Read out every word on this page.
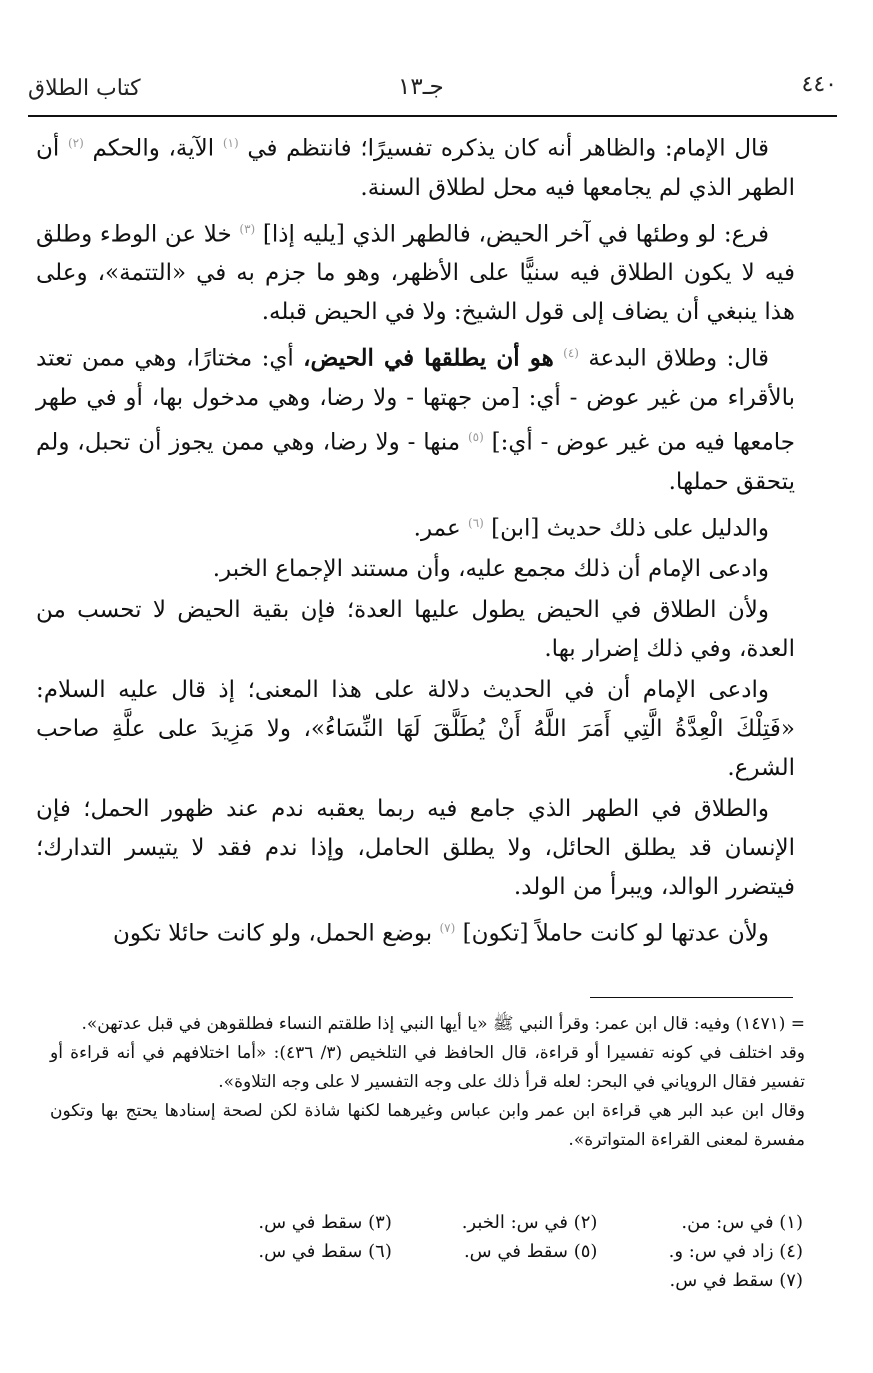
٤٤٠
جـ١٣
كتاب الطلاق

قال الإمام: والظاهر أنه كان يذكره تفسيرًا؛ فانتظم في $^{(١)}$ الآية، والحكم $^{(٢)}$ أن الطهر الذي لم يجامعها فيه محل لطلاق السنة.

فرع: لو وطئها في آخر الحيض، فالطهر الذي [يليه إذا] $^{(٣)}$ خلا عن الوطء وطلق فيه لا يكون الطلاق فيه سنيًّا على الأظهر، وهو ما جزم به في «التتمة»، وعلى هذا ينبغي أن يضاف إلى قول الشيخ: ولا في الحيض قبله.

قال: وطلاق البدعة $^{(٤)}$ هو أن يطلقها في الحيض، أي: مختارًا، وهي ممن تعتد بالأقراء من غير عوض - أي: [من جهتها - ولا رضا، وهي مدخول بها، أو في طهر جامعها فيه من غير عوض - أي:] $^{(٥)}$ منها - ولا رضا، وهي ممن يجوز أن تحبل، ولم يتحقق حملها.

والدليل على ذلك حديث [ابن] $^{(٦)}$ عمر.

وادعى الإمام أن ذلك مجمع عليه، وأن مستند الإجماع الخبر.

ولأن الطلاق في الحيض يطول عليها العدة؛ فإن بقية الحيض لا تحسب من العدة، وفي ذلك إضرار بها.

وادعى الإمام أن في الحديث دلالة على هذا المعنى؛ إذ قال عليه السلام: «فَتِلْكَ الْعِدَّةُ الَّتِي أَمَرَ اللَّهُ أَنْ يُطَلَّقَ لَهَا النِّسَاءُ»، ولا مَزِيدَ على علَّةِ صاحب الشرع.

والطلاق في الطهر الذي جامع فيه ربما يعقبه ندم عند ظهور الحمل؛ فإن الإنسان قد يطلق الحائل، ولا يطلق الحامل، وإذا ندم فقد لا يتيسر التدارك؛ فيتضرر الوالد، ويبرأ من الولد.

ولأن عدتها لو كانت حاملاً [تكون] $^{(٧)}$ بوضع الحمل، ولو كانت حائلا تكون

= (١٤٧١) وفيه: قال ابن عمر: وقرأ النبي ﷺ «يا أيها النبي إذا طلقتم النساء فطلقوهن في قبل عدتهن».

وقد اختلف في كونه تفسيرا أو قراءة، قال الحافظ في التلخيص (٣/ ٤٣٦): «أما اختلافهم في أنه قراءة أو تفسير فقال الروياني في البحر: لعله قرأ ذلك على وجه التفسير لا على وجه التلاوة».

وقال ابن عبد البر هي قراءة ابن عمر وابن عباس وغيرهما لكنها شاذة لكن لصحة إسنادها يحتج بها وتكون مفسرة لمعنى القراءة المتواترة».

(١) في س: من.
(٢) في س: الخبر.
(٣) سقط في س.
(٤) زاد في س: و.
(٥) سقط في س.
(٦) سقط في س.
(٧) سقط في س.
